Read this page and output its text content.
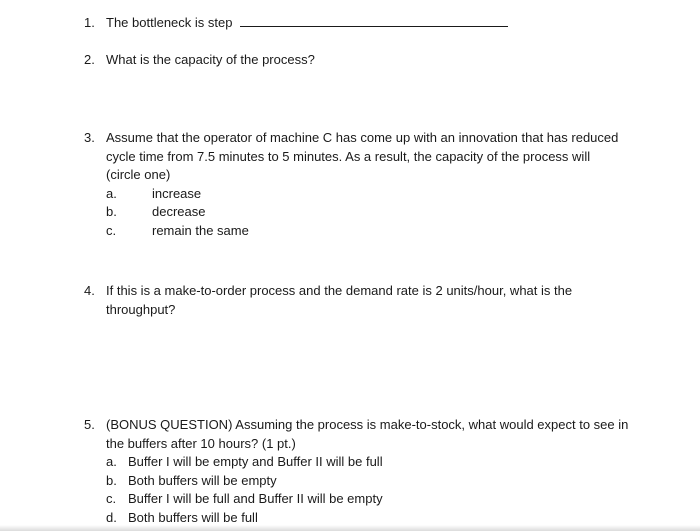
1. The bottleneck is step
2. What is the capacity of the process?
3. Assume that the operator of machine C has come up with an innovation that has reduced
cycle time from 7.5 minutes to 5 minutes. As a result, the capacity of the process will
(circle one)
a.	increase
b.	decrease
c.	remain the same
4. If this is a make-to-order process and the demand rate is 2 units/hour, what is the
throughput?
5. (BONUS QUESTION) Assuming the process is make-to-stock, what would expect to see in
the buffers after 10 hours? (1 pt.)
a. Buffer I will be empty and Buffer II will be full
b. Both buffers will be empty
c. Buffer I will be full and Buffer II will be empty
d. Both buffers will be full
